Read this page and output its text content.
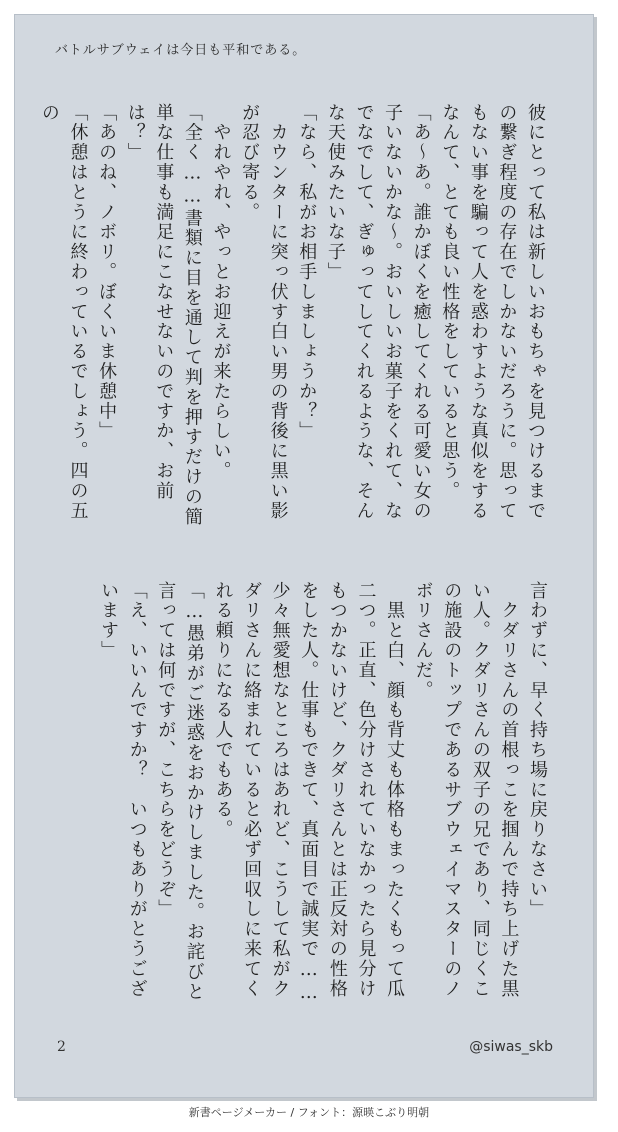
バトルサブウェイは今日も平和である。

彼にとって私は新しいおもちゃを見つけるまでの繋ぎ程度の存在でしかないだろうに。思ってもない事を騙って人を惑わすような真似をするなんて、とても良い性格をしていると思う。

「あ〜あ。誰かぼくを癒してくれる可愛い女の子いないかな〜。おいしいお菓子をくれて、なでなでして、ぎゅってしてくれるような、そんな天使みたいな子」

「なら、私がお相手しましょうか？」

　カウンターに突っ伏す白い男の背後に黒い影が忍び寄る。

　やれやれ、やっとお迎えが来たらしい。

「全く……書類に目を通して判を押すだけの簡単な仕事も満足にこなせないのですか、お前は？」

「あのね、ノボリ。ぼくいま休憩中」

「休憩はとうに終わっているでしょう。四の五の

言わずに、早く持ち場に戻りなさい」

　クダリさんの首根っこを掴んで持ち上げた黒い人。クダリさんの双子の兄であり、同じくこの施設のトップであるサブウェイマスターのノボリさんだ。

　黒と白、顔も背丈も体格もまったくもって瓜二つ。正直、色分けされていなかったら見分けもつかないけど、クダリさんとは正反対の性格をした人。仕事もできて、真面目で誠実で……少々無愛想なところはあれど、こうして私がクダリさんに絡まれていると必ず回収しに来てくれる頼りになる人でもある。

「…愚弟がご迷惑をおかけしました。お詫びと言っては何ですが、こちらをどうぞ」

「え、いいんですか？　いつもありがとうございます」

2	@siwas_skb
新書ページメーカー / フォント：源暎こぶり明朝
